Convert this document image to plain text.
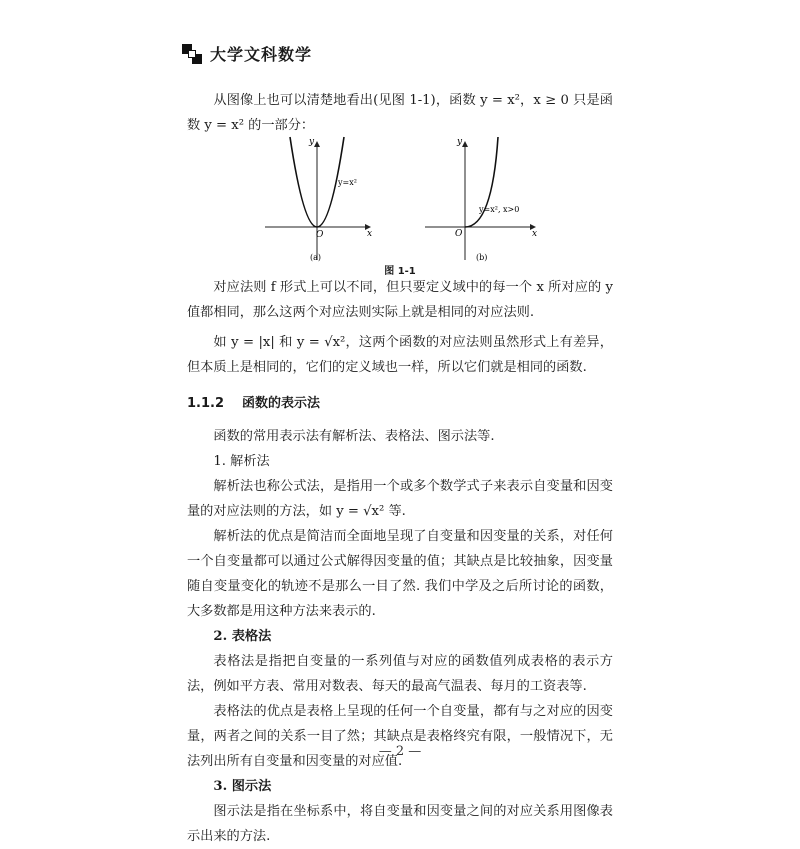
大学文科数学

从图像上也可以清楚地看出(见图 1-1)，函数 y = x²，x ≥ 0 只是函数 y = x² 的一部分：

y
x
O
y=x²
(a)
y
x
O
y=x², x>0
(b)
图 1-1

对应法则 f 形式上可以不同，但只要定义域中的每一个 x 所对应的 y 值都相同，那么这两个对应法则实际上就是相同的对应法则.

如 y = |x| 和 y = √x²，这两个函数的对应法则虽然形式上有差异，但本质上是相同的，它们的定义域也一样，所以它们就是相同的函数.

1.1.2 函数的表示法

函数的常用表示法有解析法、表格法、图示法等.

1. 解析法

解析法也称公式法，是指用一个或多个数学式子来表示自变量和因变量的对应法则的方法，如 y = √x² 等.

解析法的优点是简洁而全面地呈现了自变量和因变量的关系，对任何一个自变量都可以通过公式解得因变量的值；其缺点是比较抽象，因变量随自变量变化的轨迹不是那么一目了然. 我们中学及之后所讨论的函数，大多数都是用这种方法来表示的.

2. 表格法

表格法是指把自变量的一系列值与对应的函数值列成表格的表示方法，例如平方表、常用对数表、每天的最高气温表、每月的工资表等.

表格法的优点是表格上呈现的任何一个自变量，都有与之对应的因变量，两者之间的关系一目了然；其缺点是表格终究有限，一般情况下，无法列出所有自变量和因变量的对应值.

3. 图示法

图示法是指在坐标系中，将自变量和因变量之间的对应关系用图像表示出来的方法.

— 2 —
